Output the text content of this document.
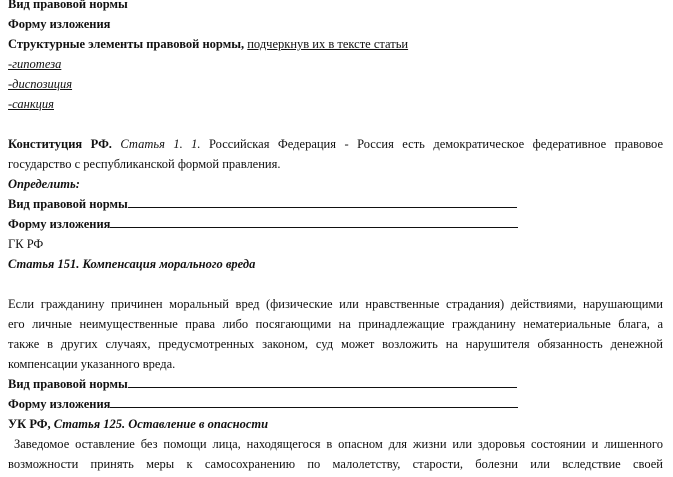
Вид правовой нормы
Форму изложения
Структурные элементы правовой нормы, подчеркнув их в тексте статьи
-гипотеза
-диспозиция
-санкция
Конституция РФ. Статья 1. 1. Российская Федерация - Россия есть демократическое федеративное правовое
государство с республиканской формой правления.
Определить:
Вид правовой нормы
Форму изложения
ГК РФ
Статья 151. Компенсация морального вреда
Если гражданину причинен моральный вред (физические или нравственные страдания) действиями, нарушающими
его личные неимущественные права либо посягающими на принадлежащие гражданину нематериальные блага, а
также в других случаях, предусмотренных законом, суд может возложить на нарушителя обязанность денежной
компенсации указанного вреда.
Вид правовой нормы
Форму изложения
УК РФ, Статья 125. Оставление в опасности
Заведомое оставление без помощи лица, находящегося в опасном для жизни или здоровья состоянии и лишенного
возможности принять меры к самосохранению по малолетству, старости, болезни или вследствие своей
